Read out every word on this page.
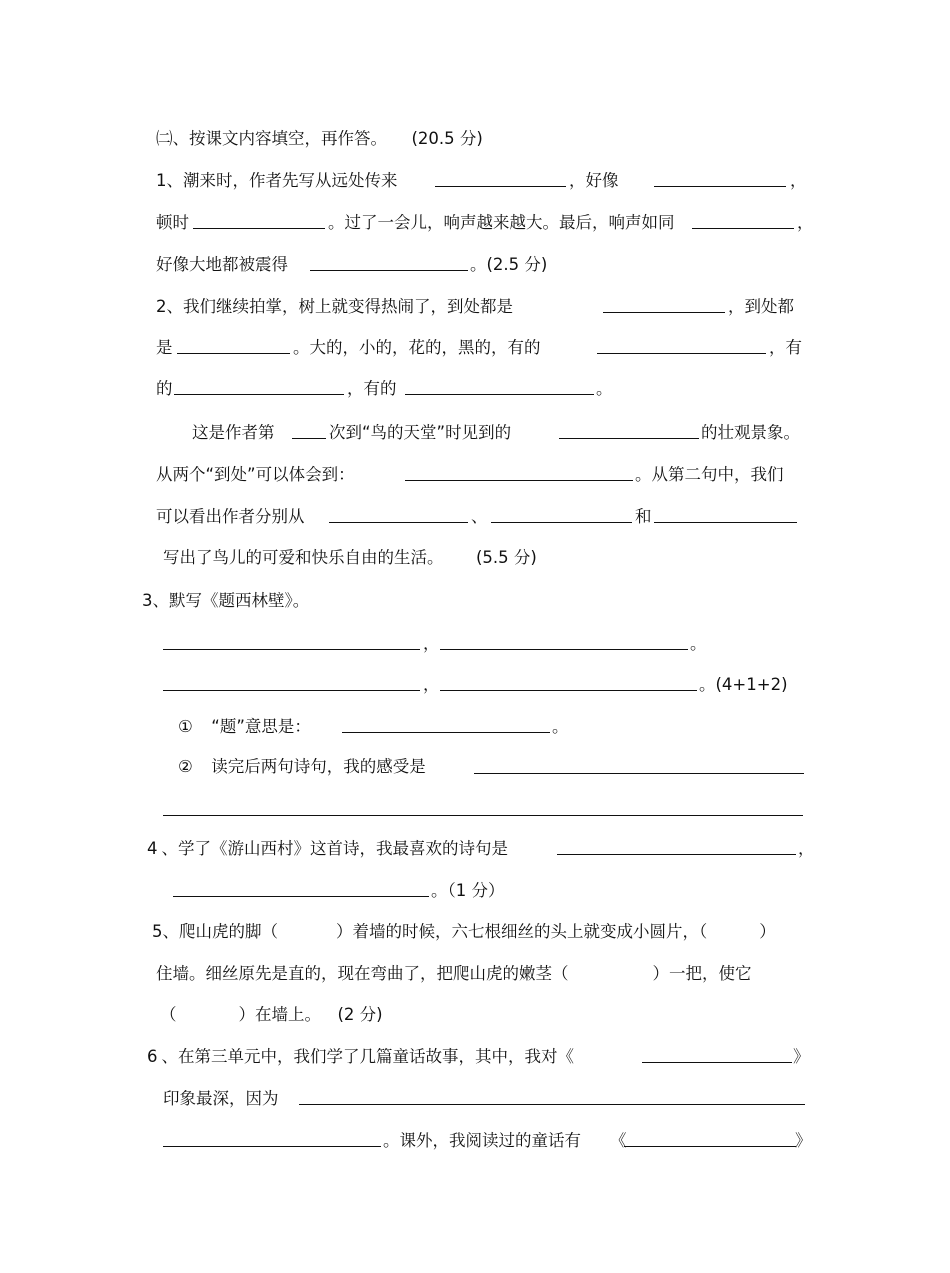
㈡、按课文内容填空，再作答。 (20.5 分)
1、潮来时，作者先写从远处传来	，好像	，
顿时	。过了一会儿，响声越来越大。最后，响声如同	，
好像大地都被震得	。(2.5 分)
2、我们继续拍掌，树上就变得热闹了，到处都是	，到处都
是	。大的，小的，花的，黑的，有的	，有
的	，有的	。
这是作者第	次到“鸟的天堂”时见到的	的壮观景象。
从两个“到处”可以体会到：	。从第二句中，我们
可以看出作者分别从	、	和
写出了鸟儿的可爱和快乐自由的生活。 (5.5 分)
3、默写《题西林壁》。
，	。
，	。(4+1+2)
① “题”意思是：	。
② 读完后两句诗句，我的感受是
4 、学了《游山西村》这首诗，我最喜欢的诗句是	，
。（1 分）
5、爬山虎的脚（	）着墙的时候，六七根细丝的头上就变成小圆片，（	）
住墙。细丝原先是直的，现在弯曲了，把爬山虎的嫩茎（	）一把，使它
（	）在墙上。 (2 分)
6 、在第三单元中，我们学了几篇童话故事，其中，我对《	》
印象最深，因为
。课外，我阅读过的童话有 《	》
